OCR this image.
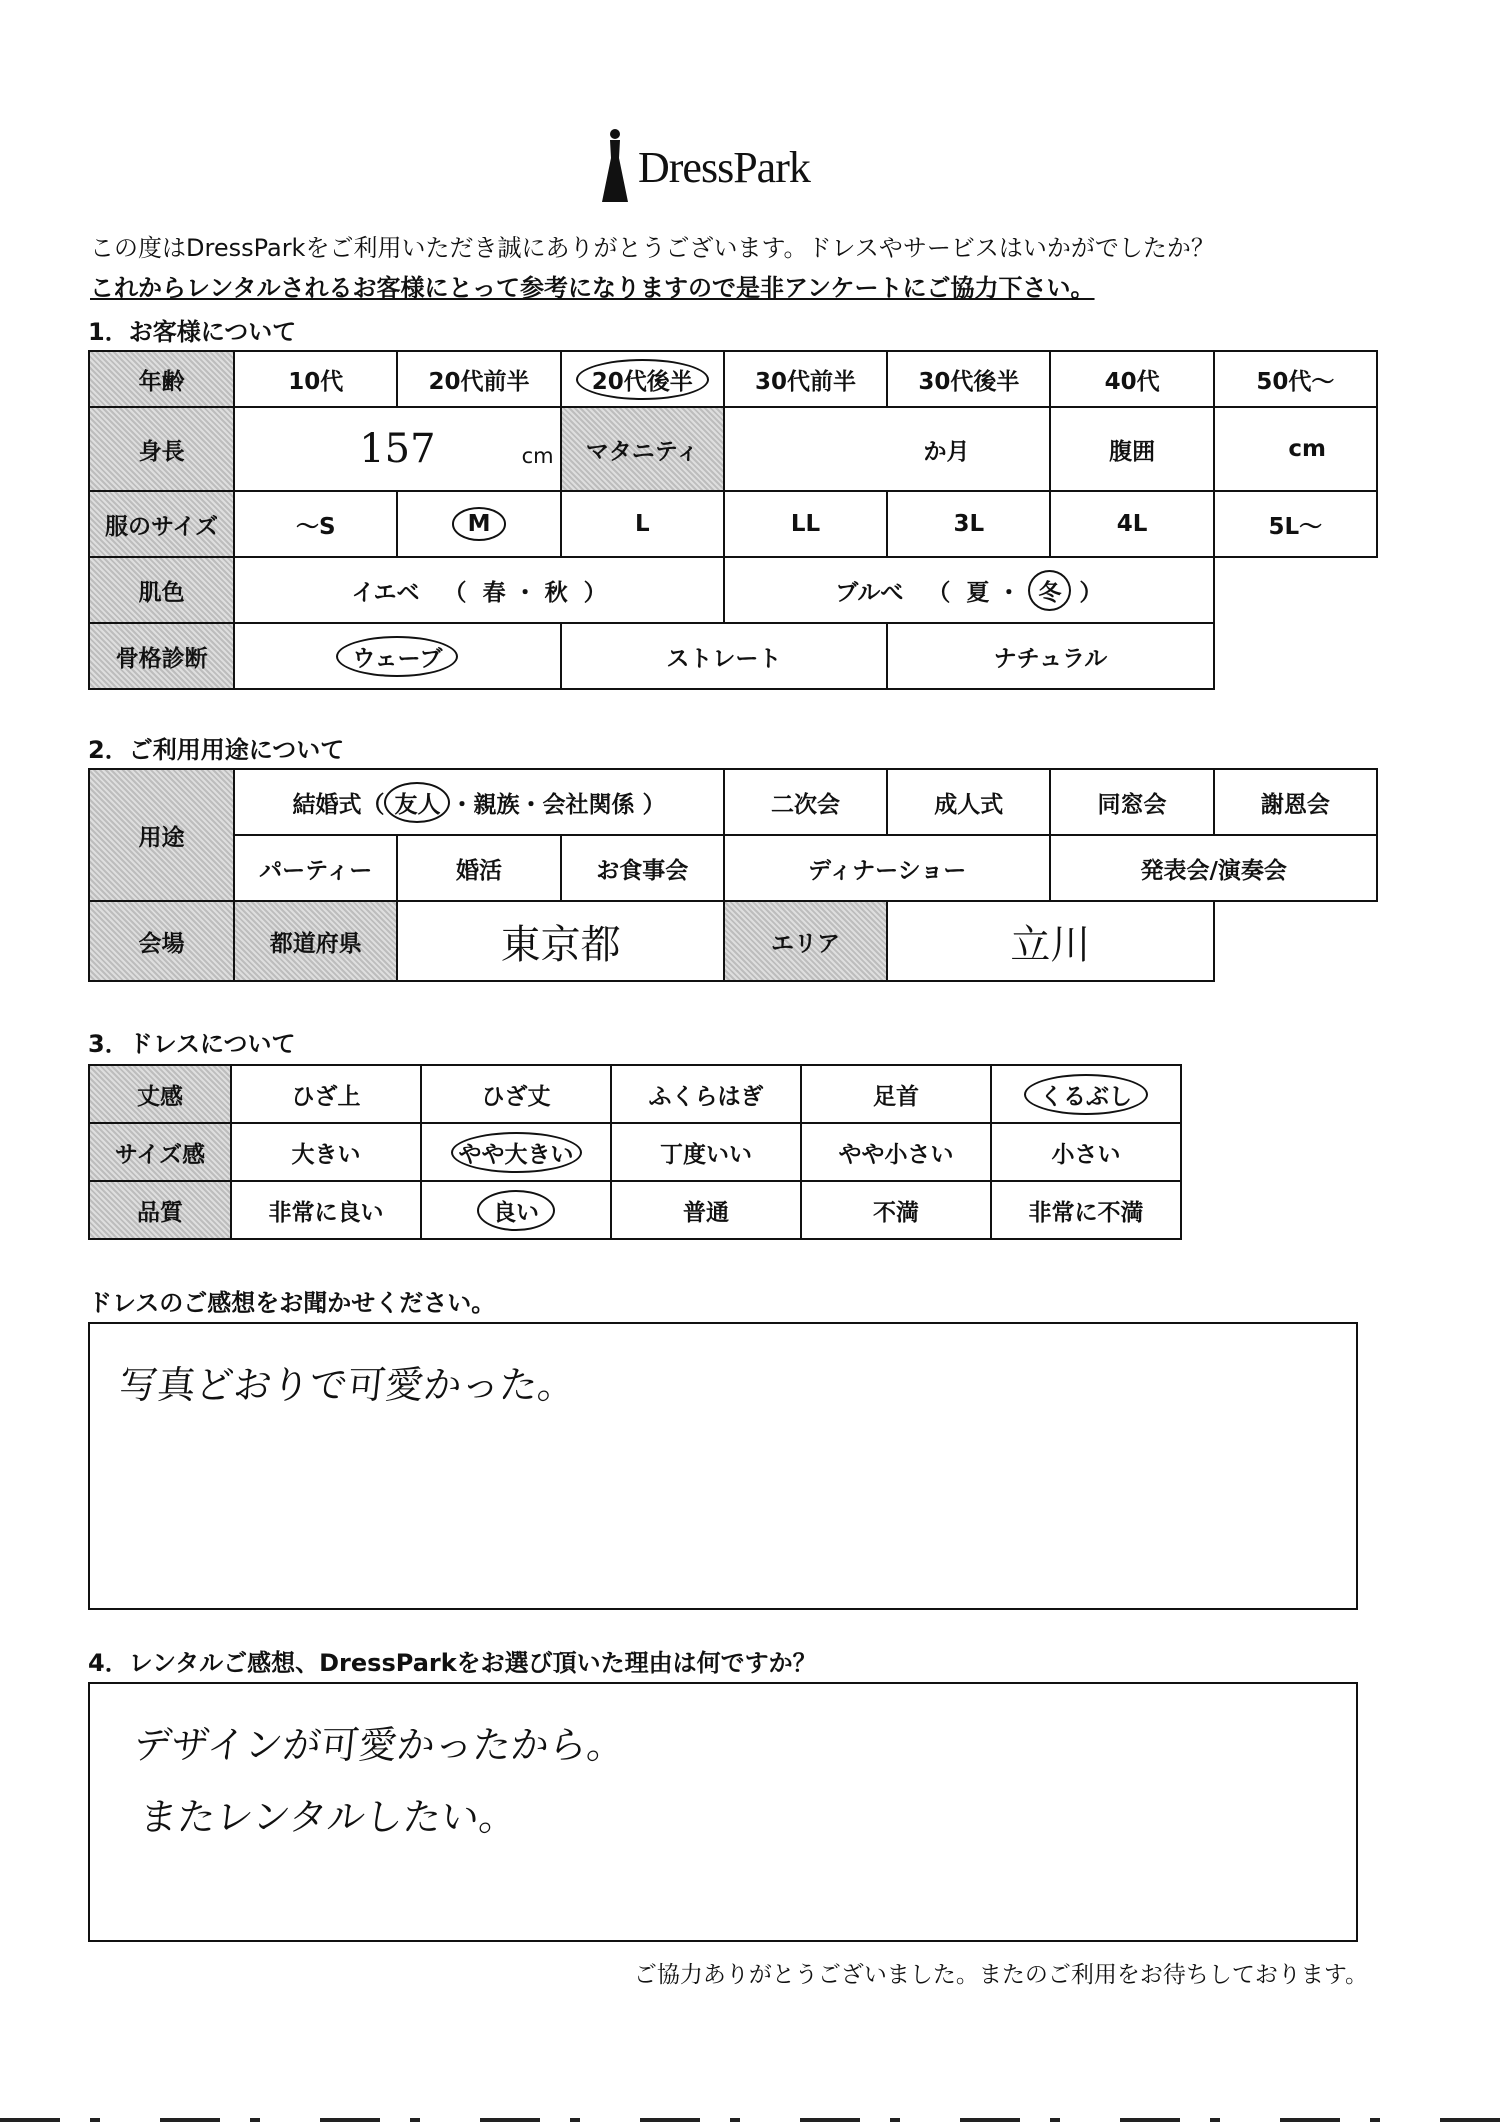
DressPark
この度はDressParkをご利用いただき誠にありがとうございます。ドレスやサービスはいかがでしたか？
これからレンタルされるお客様にとって参考になりますので是非アンケートにご協力下さい。
1．お客様について
年齢	10代	20代前半	20代後半	30代前半	30代後半	40代	50代～
身長	157 cm		マタニティ	か月		腹囲	cm
服のサイズ	～S	M	L	LL	3L	4L	5L～
肌色	イエベ   （  春 ・ 秋  ）			ブルべ   （  夏 ・ 冬 ）			
骨格診断	ウェーブ		ストレート		ナチュラル		
2．ご利用用途について
用途	結婚式（ 友人 ・親族・会社関係 ）			二次会	成人式	同窓会	謝恩会
	パーティー	婚活	お食事会	ディナーショー		発表会/演奏会	
会場	都道府県	東京都		エリア	立川		
3．ドレスについて
丈感	ひざ上	ひざ丈	ふくらはぎ	足首	くるぶし
サイズ感	大きい	やや大きい	丁度いい	やや小さい	小さい
品質	非常に良い	良い	普通	不満	非常に不満
ドレスのご感想をお聞かせください。
写真どおりで可愛かった。
4．レンタルご感想、DressParkをお選び頂いた理由は何ですか？
デザインが可愛かったから。
またレンタルしたい。
ご協力ありがとうございました。またのご利用をお待ちしております。
